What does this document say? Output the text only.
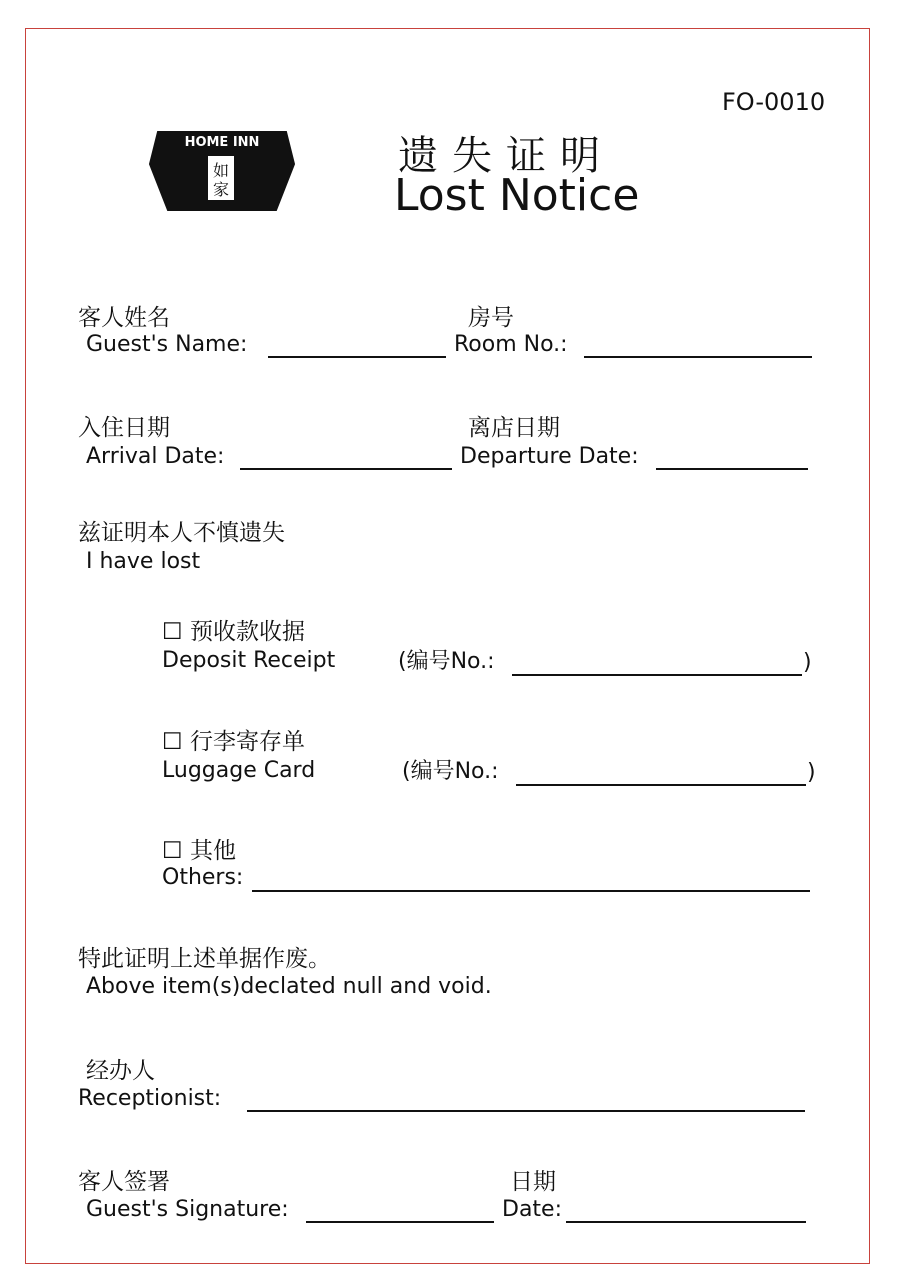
FO-0010
HOME INN
如
家
遗失证明
Lost Notice
客人姓名
Guest's Name:
房号
Room No.:
入住日期
Arrival Date:
离店日期
Departure Date:
兹证明本人不慎遗失
I have lost
☐ 预收款收据
Deposit Receipt	(编号No.:	)
☐ 行李寄存单
Luggage Card	(编号No.:	)
☐ 其他
Others:
特此证明上述单据作废。
Above item(s)declated null and void.
经办人
Receptionist:
客人签署
Guest's Signature:
日期
Date:
